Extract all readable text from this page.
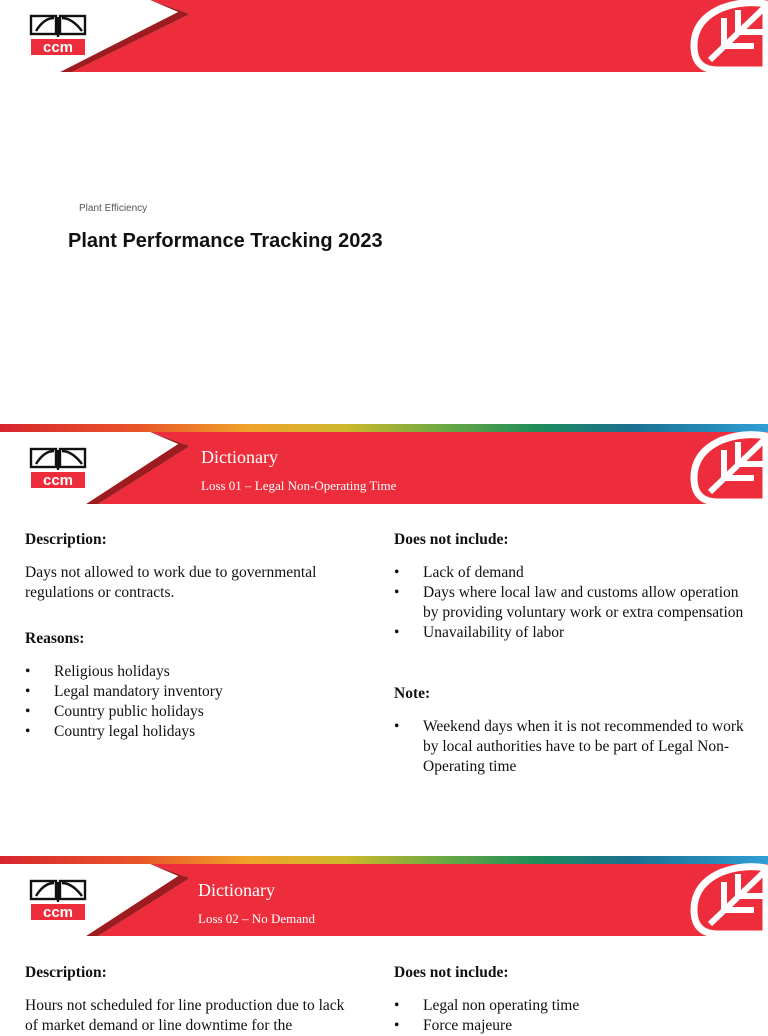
ccm
Plant Efficiency
Plant Performance Tracking 2023
ccm
Dictionary
Loss 01 – Legal Non-Operating Time

Description:

Days not allowed to work due to governmental regulations or contracts.

Reasons:

• Religious holidays
• Legal mandatory inventory
• Country public holidays
• Country legal holidays

Does not include:

• Lack of demand
• Days where local law and customs allow operation by providing voluntary work or extra compensation
• Unavailability of labor

Note:

• Weekend days when it is not recommended to work by local authorities have to be part of Legal Non-Operating time
ccm
Dictionary
Loss 02 – No Demand

Description:

Hours not scheduled for line production due to lack of market demand or line downtime for the

Does not include:

• Legal non operating time
• Force majeure
